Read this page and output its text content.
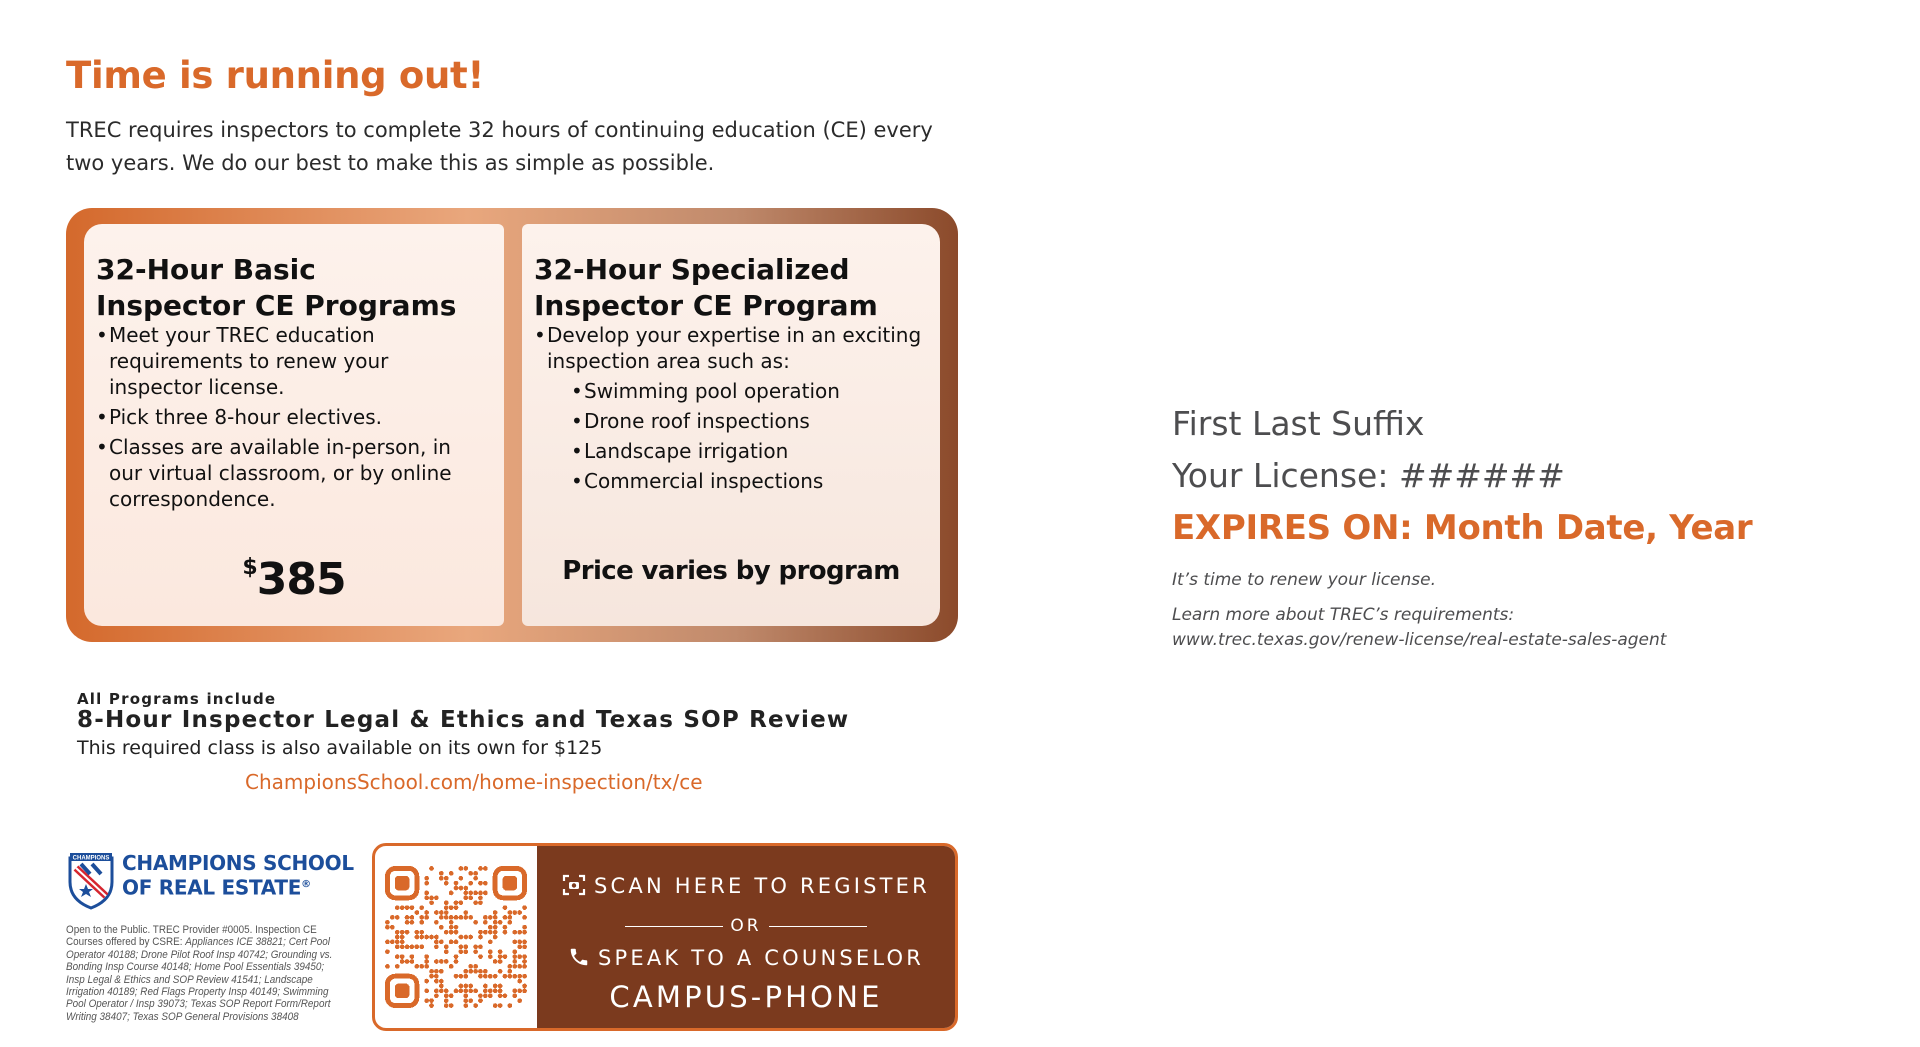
Time is running out!
TREC requires inspectors to complete 32 hours of continuing education (CE) every two years. We do our best to make this as simple as possible.
32-Hour Basic
Inspector CE Programs
• Meet your TREC education requirements to renew your inspector license.
• Pick three 8-hour electives.
• Classes are available in-person, in our virtual classroom, or by online correspondence.
$385
32-Hour Specialized
Inspector CE Program
• Develop your expertise in an exciting inspection area such as:
• Swimming pool operation
• Drone roof inspections
• Landscape irrigation
• Commercial inspections
Price varies by program
All Programs include
8-Hour Inspector Legal & Ethics and Texas SOP Review
This required class is also available on its own for $125
ChampionsSchool.com/home-inspection/tx/ce
CHAMPIONS CHAMPIONS SCHOOL
OF REAL ESTATE®
Open to the Public. TREC Provider #0005. Inspection CE Courses offered by CSRE: Appliances ICE 38821; Cert Pool Operator 40188; Drone Pilot Roof Insp 40742; Grounding vs. Bonding Insp Course 40148; Home Pool Essentials 39450; Insp Legal & Ethics and SOP Review 41541; Landscape Irrigation 40189; Red Flags Property Insp 40149; Swimming Pool Operator / Insp 39073; Texas SOP Report Form/Report Writing 38407; Texas SOP General Provisions 38408
SCAN HERE TO REGISTER
OR
SPEAK TO A COUNSELOR
CAMPUS-PHONE
First Last Suffix
Your License: ######
EXPIRES ON: Month Date, Year
It’s time to renew your license.
Learn more about TREC’s requirements:
www.trec.texas.gov/renew-license/real-estate-sales-agent
